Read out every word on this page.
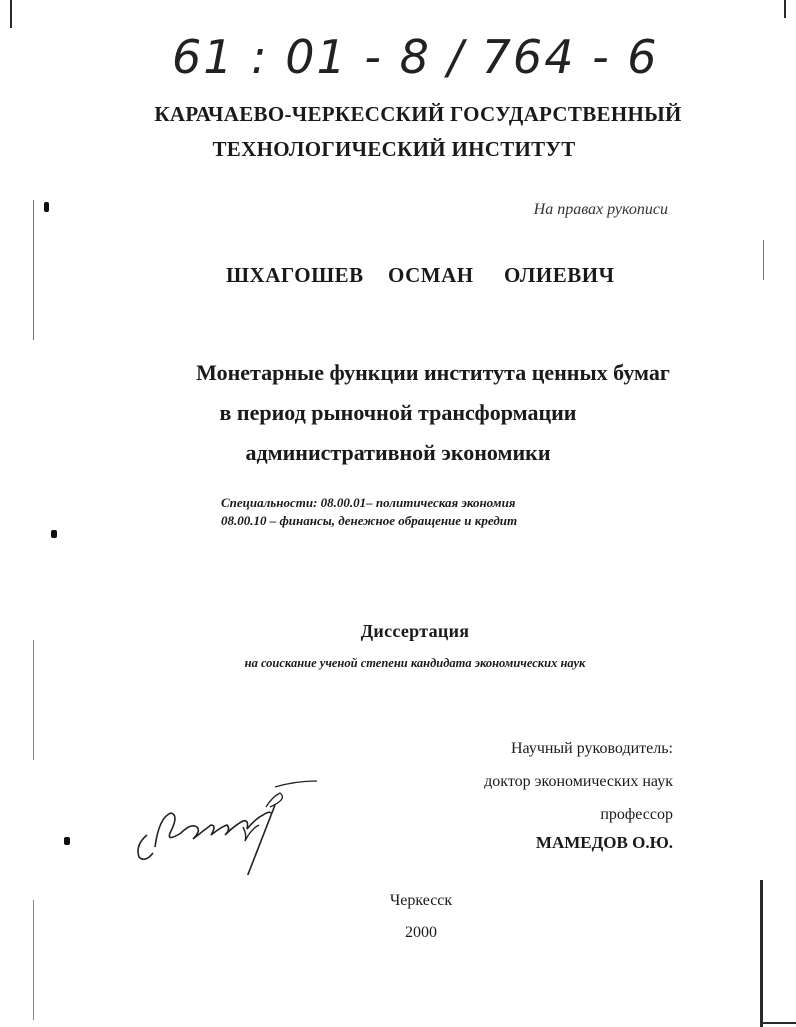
61 : 01 - 8 / 764 - 6
КАРАЧАЕВО-ЧЕРКЕССКИЙ ГОСУДАРСТВЕННЫЙ
ТЕХНОЛОГИЧЕСКИЙ ИНСТИТУТ
На правах рукописи
ШХАГОШЕВ ОСМАН ОЛИЕВИЧ
Монетарные функции института ценных бумаг
в период рыночной трансформации
административной экономики
Специальности: 08.00.01– политическая экономия
08.00.10 – финансы, денежное обращение и кредит
Диссертация
на соискание ученой степени кандидата экономических наук
Научный руководитель:
доктор экономических наук
профессор
МАМЕДОВ О.Ю.
Черкесск
2000
